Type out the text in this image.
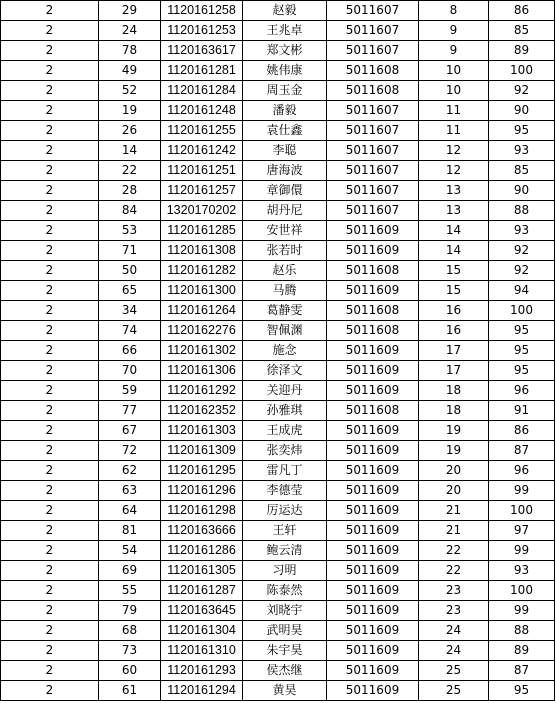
2	29	1120161258	赵毅	5011607	8	86
2	24	1120161253	王兆卓	5011607	9	85
2	78	1120163617	郑文彬	5011607	9	89
2	49	1120161281	姚伟康	5011608	10	100
2	52	1120161284	周玉金	5011608	10	92
2	19	1120161248	潘毅	5011607	11	90
2	26	1120161255	袁仕鑫	5011607	11	95
2	14	1120161242	李聪	5011607	12	93
2	22	1120161251	唐海波	5011607	12	85
2	28	1120161257	章御儇	5011607	13	90
2	84	1320170202	胡丹尼	5011607	13	88
2	53	1120161285	安世祥	5011609	14	93
2	71	1120161308	张若时	5011609	14	92
2	50	1120161282	赵乐	5011608	15	92
2	65	1120161300	马腾	5011609	15	94
2	34	1120161264	葛静雯	5011608	16	100
2	74	1120162276	智佩渊	5011608	16	95
2	66	1120161302	施念	5011609	17	95
2	70	1120161306	徐泽文	5011609	17	95
2	59	1120161292	关迎丹	5011609	18	96
2	77	1120162352	孙雅琪	5011608	18	91
2	67	1120161303	王成虎	5011609	19	86
2	72	1120161309	张奕炜	5011609	19	87
2	62	1120161295	雷凡丁	5011609	20	96
2	63	1120161296	李德莹	5011609	20	99
2	64	1120161298	厉运达	5011609	21	100
2	81	1120163666	王轩	5011609	21	97
2	54	1120161286	鲍云清	5011609	22	99
2	69	1120161305	习明	5011609	22	93
2	55	1120161287	陈泰然	5011609	23	100
2	79	1120163645	刘晓宇	5011609	23	99
2	68	1120161304	武明昊	5011609	24	88
2	73	1120161310	朱宇昊	5011609	24	89
2	60	1120161293	侯杰继	5011609	25	87
2	61	1120161294	黄昊	5011609	25	95
